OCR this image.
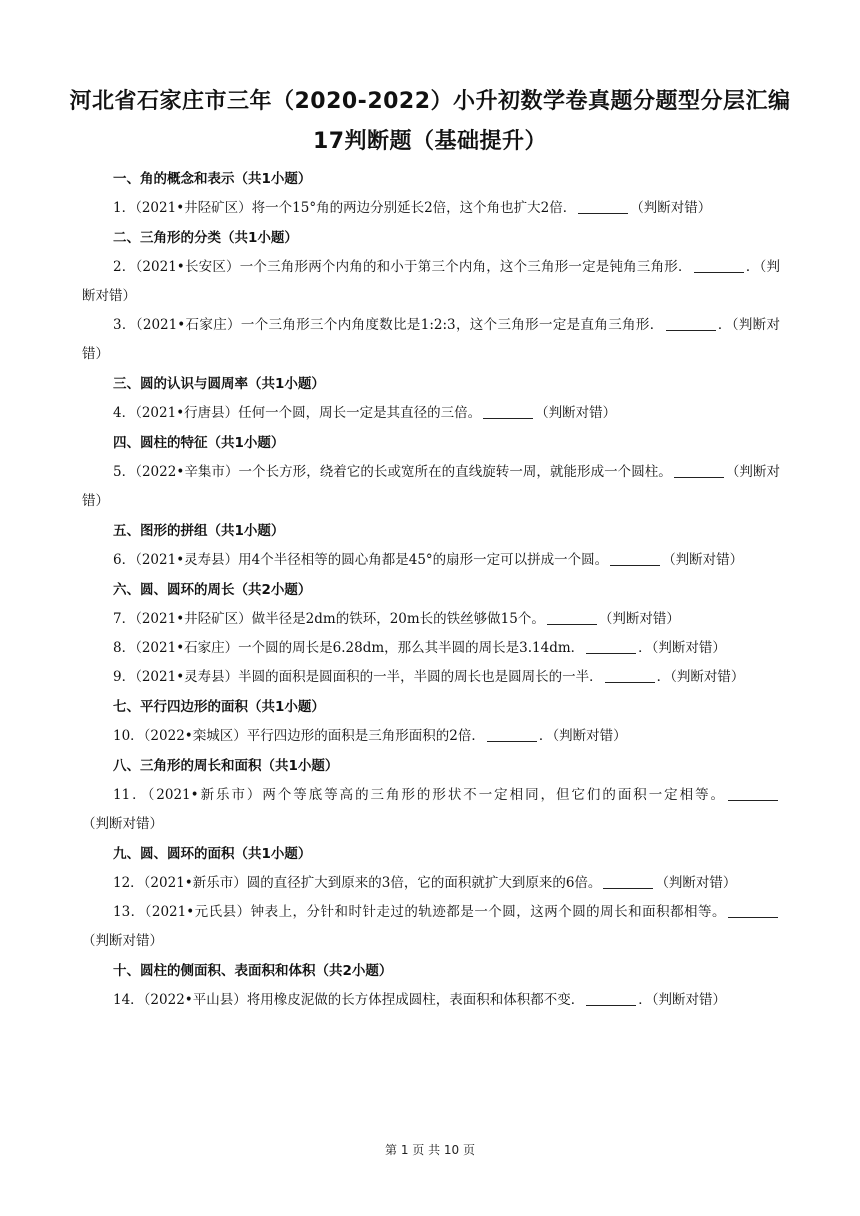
河北省石家庄市三年（2020-2022）小升初数学卷真题分题型分层汇编
17判断题（基础提升）
一、角的概念和表示（共1小题）
1．（2021•井陉矿区）将一个15°角的两边分别延长2倍，这个角也扩大2倍．	（判断对错）
二、三角形的分类（共1小题）
2．（2021•长安区）一个三角形两个内角的和小于第三个内角，这个三角形一定是钝角三角形．	．（判断对错）
3．（2021•石家庄）一个三角形三个内角度数比是1:2:3，这个三角形一定是直角三角形．	．（判断对错）
三、圆的认识与圆周率（共1小题）
4．（2021•行唐县）任何一个圆，周长一定是其直径的三倍。	（判断对错）
四、圆柱的特征（共1小题）
5．（2022•辛集市）一个长方形，绕着它的长或宽所在的直线旋转一周，就能形成一个圆柱。	（判断对错）
五、图形的拼组（共1小题）
6．（2021•灵寿县）用4个半径相等的圆心角都是45°的扇形一定可以拼成一个圆。	（判断对错）
六、圆、圆环的周长（共2小题）
7．（2021•井陉矿区）做半径是2dm的铁环，20m长的铁丝够做15个。	（判断对错）
8．（2021•石家庄）一个圆的周长是6.28dm，那么其半圆的周长是3.14dm．	．（判断对错）
9．（2021•灵寿县）半圆的面积是圆面积的一半，半圆的周长也是圆周长的一半．	．（判断对错）
七、平行四边形的面积（共1小题）
10．（2022•栾城区）平行四边形的面积是三角形面积的2倍．	．（判断对错）
八、三角形的周长和面积（共1小题）
11．（2021•新乐市）两个等底等高的三角形的形状不一定相同，但它们的面积一定相等。（判断对错）
九、圆、圆环的面积（共1小题）
12．（2021•新乐市）圆的直径扩大到原来的3倍，它的面积就扩大到原来的6倍。	（判断对错）
13．（2021•元氏县）钟表上，分针和时针走过的轨迹都是一个圆，这两个圆的周长和面积都相等。（判断对错）
十、圆柱的侧面积、表面积和体积（共2小题）
14．（2022•平山县）将用橡皮泥做的长方体捏成圆柱，表面积和体积都不变．	．（判断对错）
第 1 页 共 10 页
